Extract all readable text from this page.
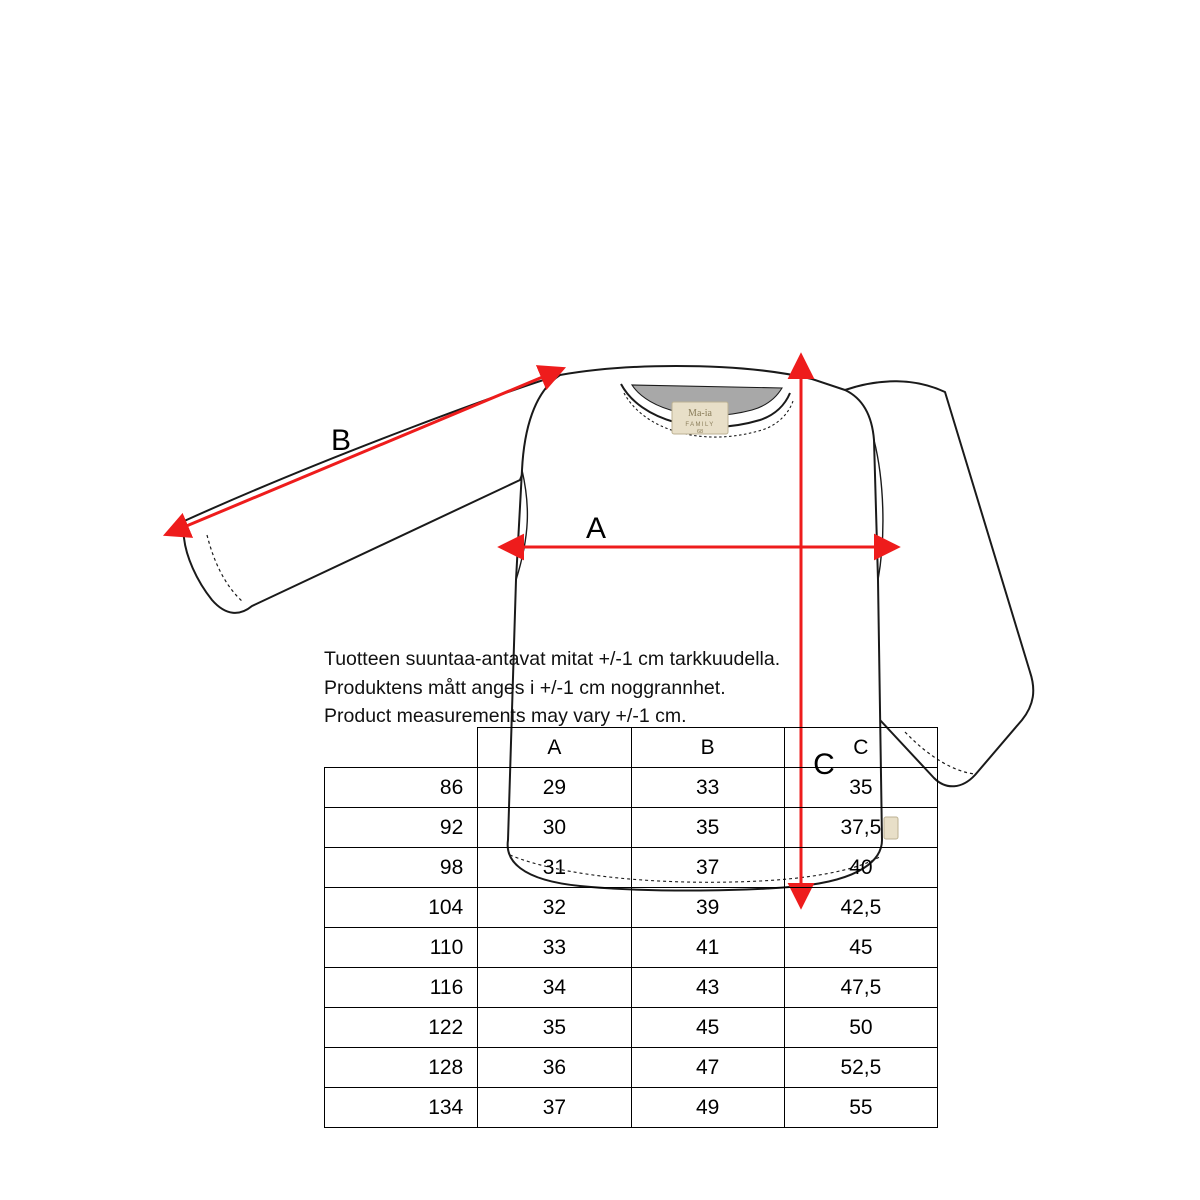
Ma-ia
FAMILY
68
A
B
C
Tuotteen suuntaa-antavat mitat +/-1 cm tarkkuudella.
Produktens mått anges i +/-1 cm noggrannhet.
Product measurements may vary +/-1 cm.
	A	B	C
86	29	33	35
92	30	35	37,5
98	31	37	40
104	32	39	42,5
110	33	41	45
116	34	43	47,5
122	35	45	50
128	36	47	52,5
134	37	49	55
